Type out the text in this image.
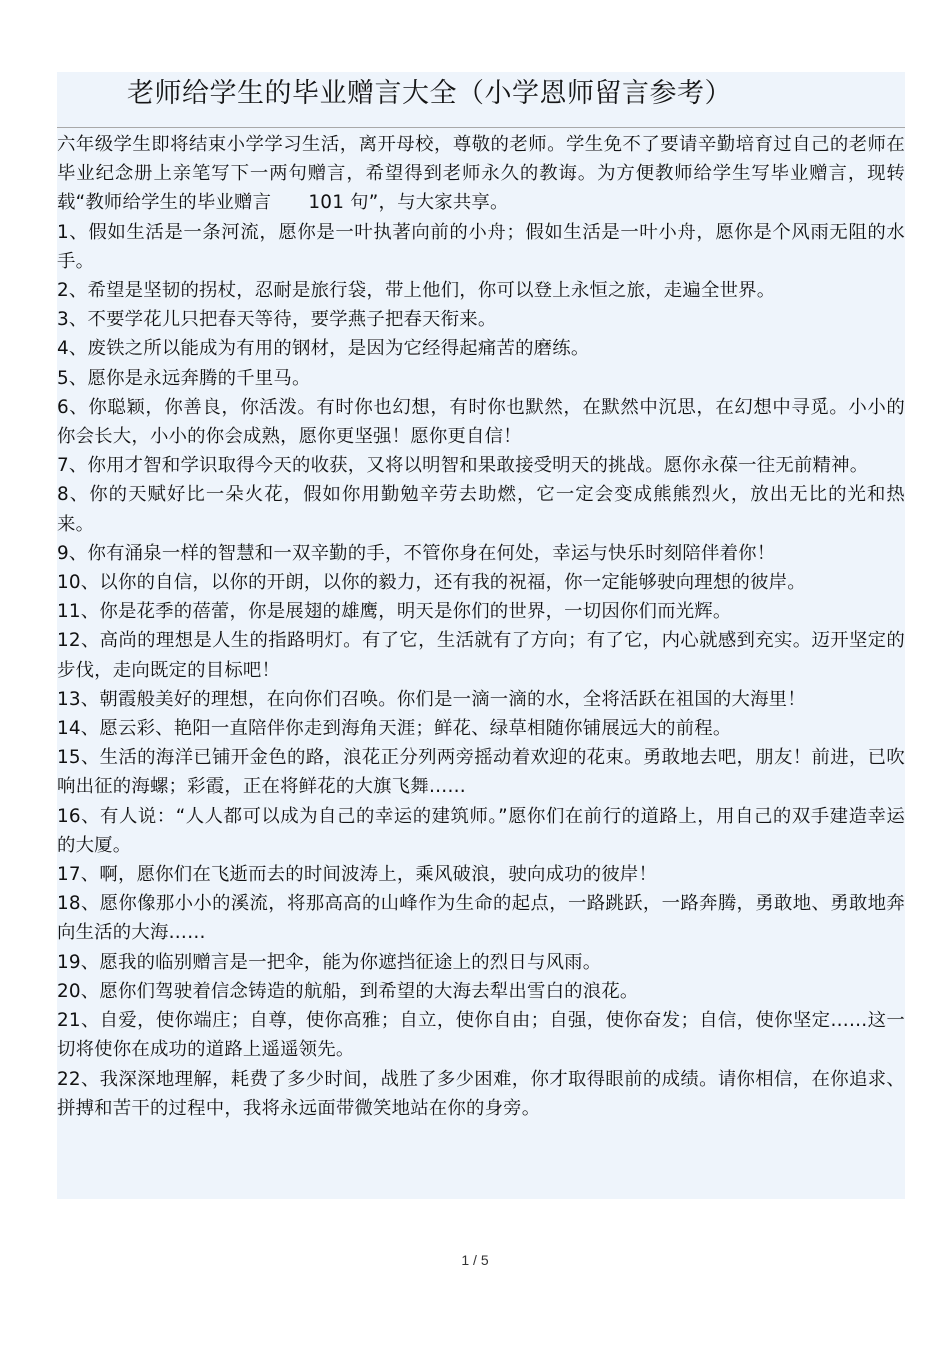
老师给学生的毕业赠言大全（小学恩师留言参考）

六年级学生即将结束小学学习生活，离开母校，尊敬的老师。学生免不了要请辛勤培育过自己的老师在毕业纪念册上亲笔写下一两句赠言，希望得到老师永久的教诲。为方便教师给学生写毕业赠言，现转载“教师给学生的毕业赠言　　101 句”，与大家共享。

1、假如生活是一条河流，愿你是一叶执著向前的小舟；假如生活是一叶小舟，愿你是个风雨无阻的水手。

2、希望是坚韧的拐杖，忍耐是旅行袋，带上他们，你可以登上永恒之旅，走遍全世界。

3、不要学花儿只把春天等待，要学燕子把春天衔来。

4、废铁之所以能成为有用的钢材，是因为它经得起痛苦的磨练。

5、愿你是永远奔腾的千里马。

6、你聪颖，你善良，你活泼。有时你也幻想，有时你也默然，在默然中沉思，在幻想中寻觅。小小的你会长大，小小的你会成熟，愿你更坚强！愿你更自信！

7、你用才智和学识取得今天的收获，又将以明智和果敢接受明天的挑战。愿你永葆一往无前精神。

8、你的天赋好比一朵火花，假如你用勤勉辛劳去助燃，它一定会变成熊熊烈火，放出无比的光和热来。

9、你有涌泉一样的智慧和一双辛勤的手，不管你身在何处，幸运与快乐时刻陪伴着你！

10、以你的自信，以你的开朗，以你的毅力，还有我的祝福，你一定能够驶向理想的彼岸。

11、你是花季的蓓蕾，你是展翅的雄鹰，明天是你们的世界，一切因你们而光辉。

12、高尚的理想是人生的指路明灯。有了它，生活就有了方向；有了它，内心就感到充实。迈开坚定的步伐，走向既定的目标吧！

13、朝霞般美好的理想，在向你们召唤。你们是一滴一滴的水，全将活跃在祖国的大海里！

14、愿云彩、艳阳一直陪伴你走到海角天涯；鲜花、绿草相随你铺展远大的前程。

15、生活的海洋已铺开金色的路，浪花正分列两旁摇动着欢迎的花束。勇敢地去吧，朋友！前进，已吹响出征的海螺；彩霞，正在将鲜花的大旗飞舞……

16、有人说：“人人都可以成为自己的幸运的建筑师。”愿你们在前行的道路上，用自己的双手建造幸运的大厦。

17、啊，愿你们在飞逝而去的时间波涛上，乘风破浪，驶向成功的彼岸！

18、愿你像那小小的溪流，将那高高的山峰作为生命的起点，一路跳跃，一路奔腾，勇敢地、勇敢地奔向生活的大海……

19、愿我的临别赠言是一把伞，能为你遮挡征途上的烈日与风雨。

20、愿你们驾驶着信念铸造的航船，到希望的大海去犁出雪白的浪花。

21、自爱，使你端庄；自尊，使你高雅；自立，使你自由；自强，使你奋发；自信，使你坚定……这一切将使你在成功的道路上遥遥领先。

22、我深深地理解，耗费了多少时间，战胜了多少困难，你才取得眼前的成绩。请你相信，在你追求、拼搏和苦干的过程中，我将永远面带微笑地站在你的身旁。

1 / 5
